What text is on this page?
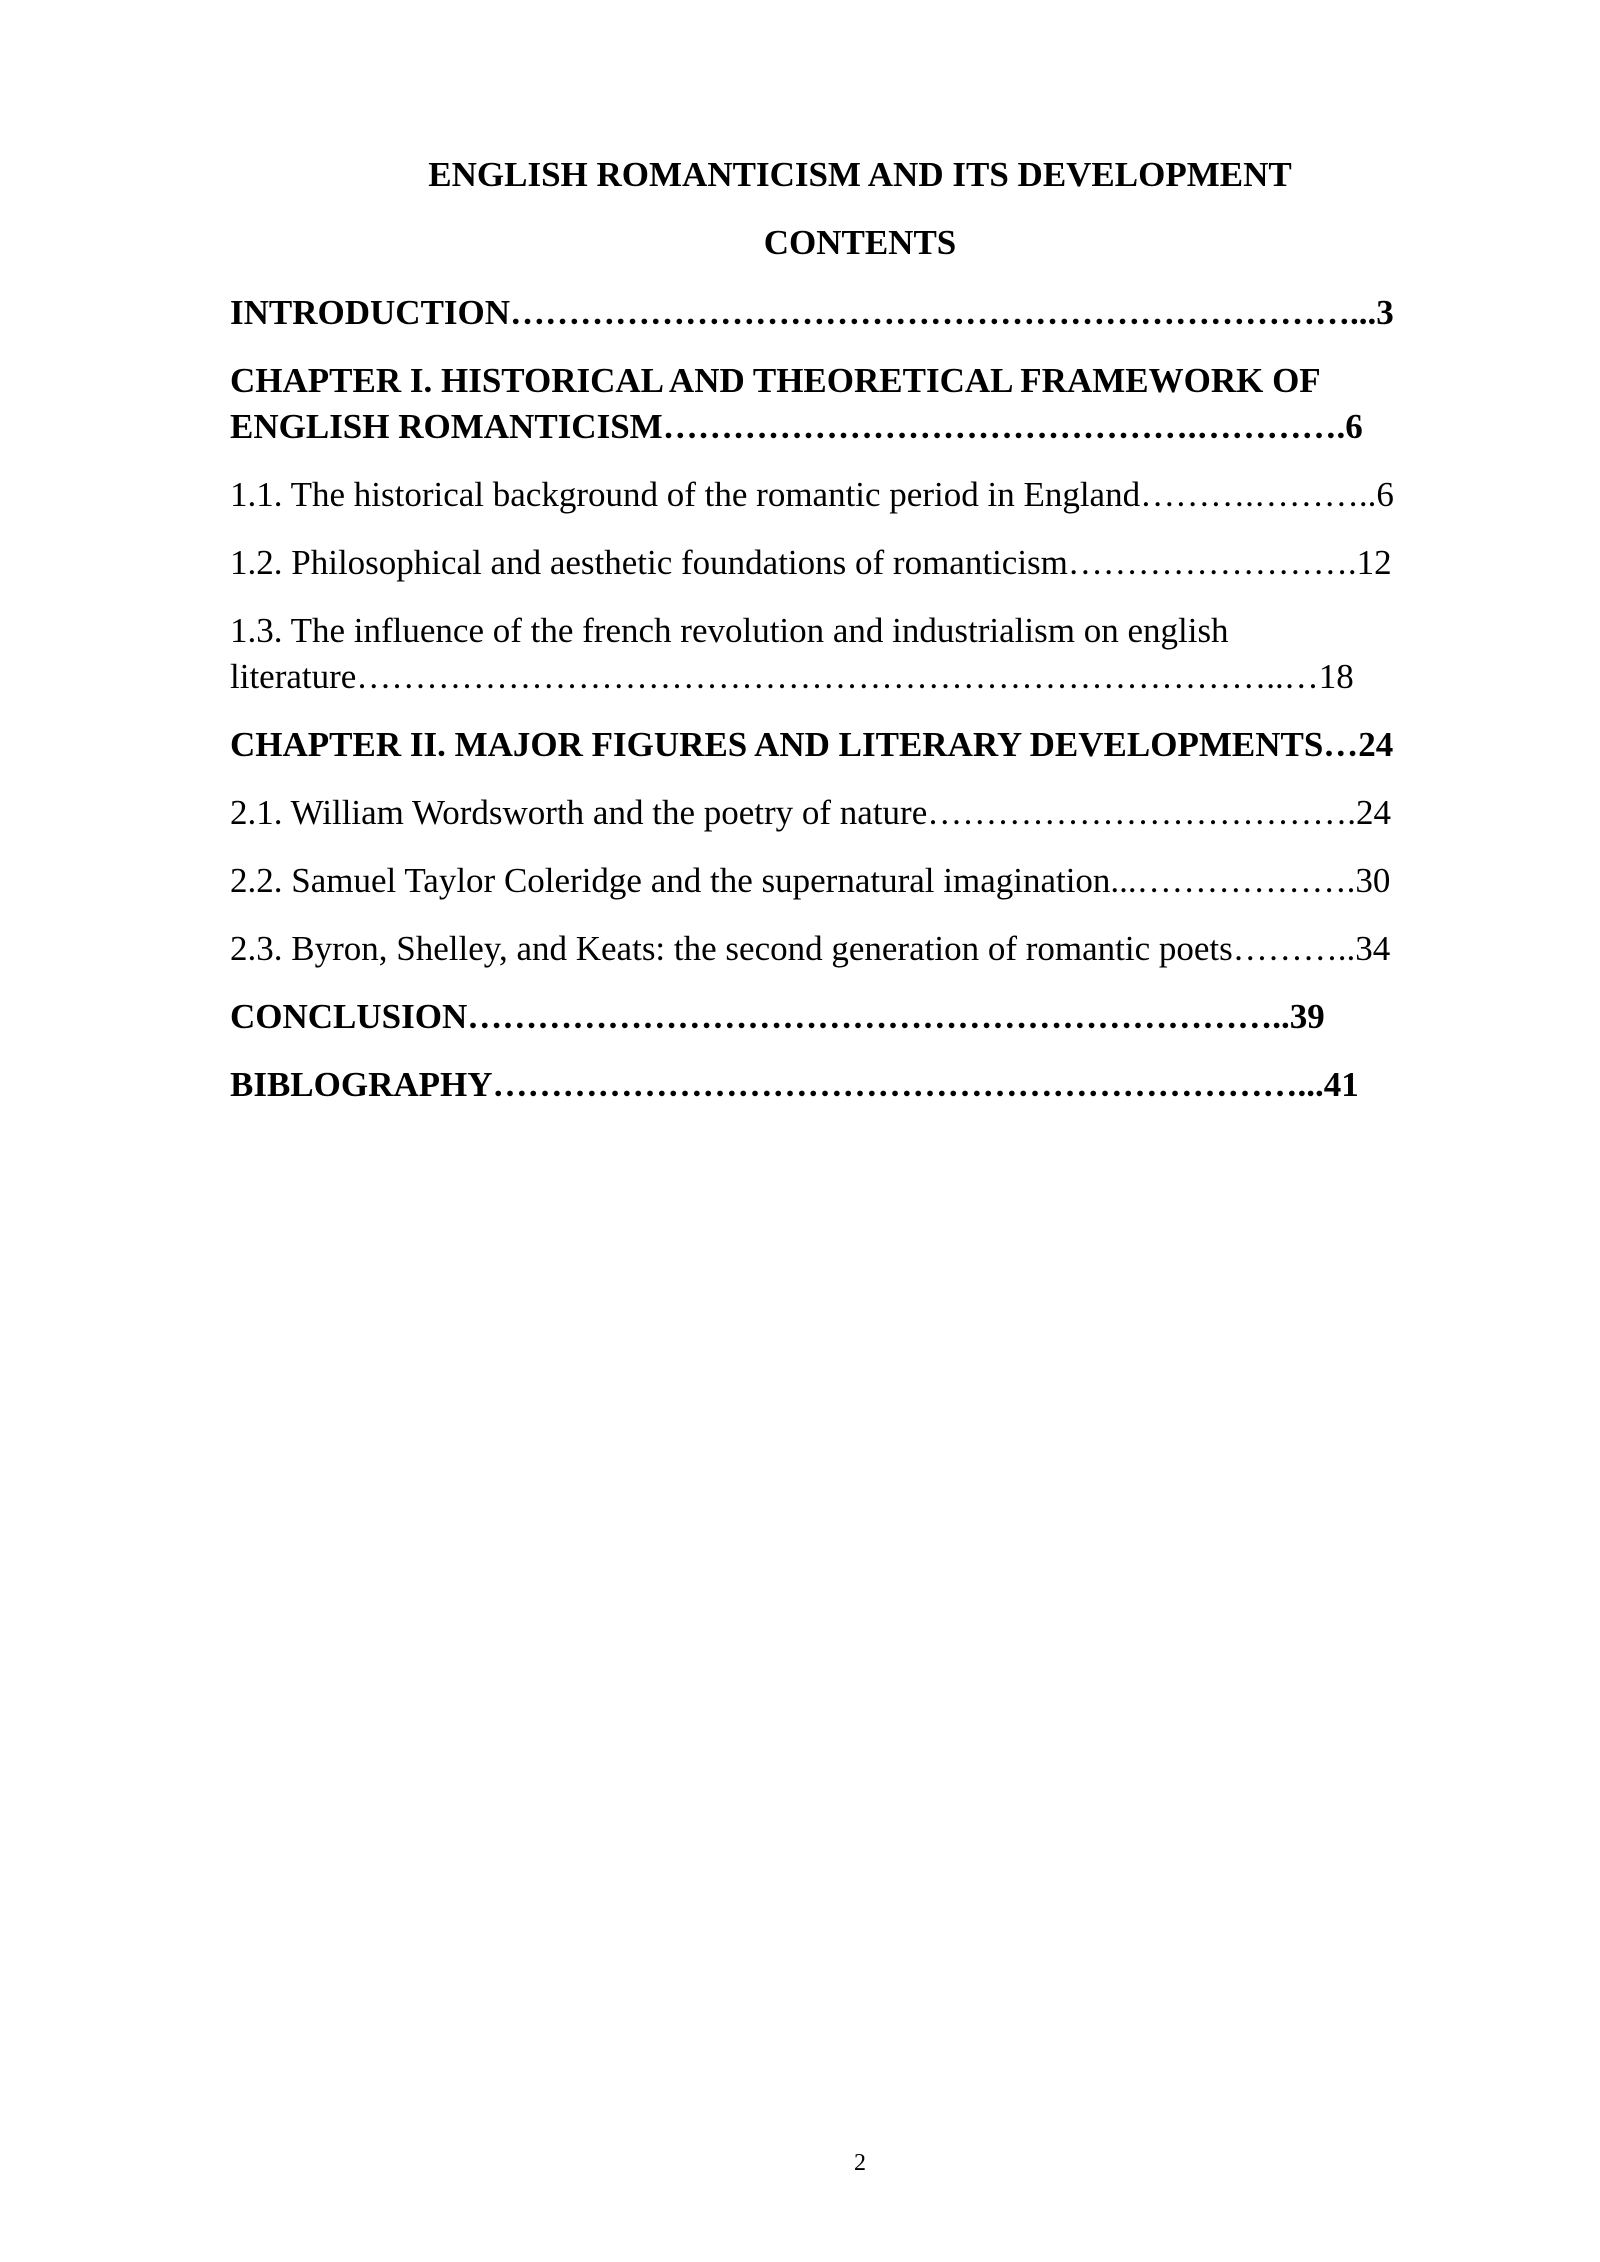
ENGLISH ROMANTICISM AND ITS DEVELOPMENT
CONTENTS
INTRODUCTION………………………………………………………………...3
CHAPTER I. HISTORICAL AND THEORETICAL FRAMEWORK OF
ENGLISH ROMANTICISM……………………………………….………….6
1.1. The historical background of the romantic period in England……….………..6
1.2. Philosophical and aesthetic foundations of romanticism…………………….12
1.3. The influence of the french revolution and industrialism on english
literature……………………………………………………………………..…18
CHAPTER II. MAJOR FIGURES AND LITERARY DEVELOPMENTS…24
2.1. William Wordsworth and the poetry of nature……………………………….24
2.2. Samuel Taylor Coleridge and the supernatural imagination...……………….30
2.3. Byron, Shelley, and Keats: the second generation of romantic poets………..34
CONCLUSION……………………………………………………………..39
BIBLOGRAPHY……………………………………………………………...41
2
